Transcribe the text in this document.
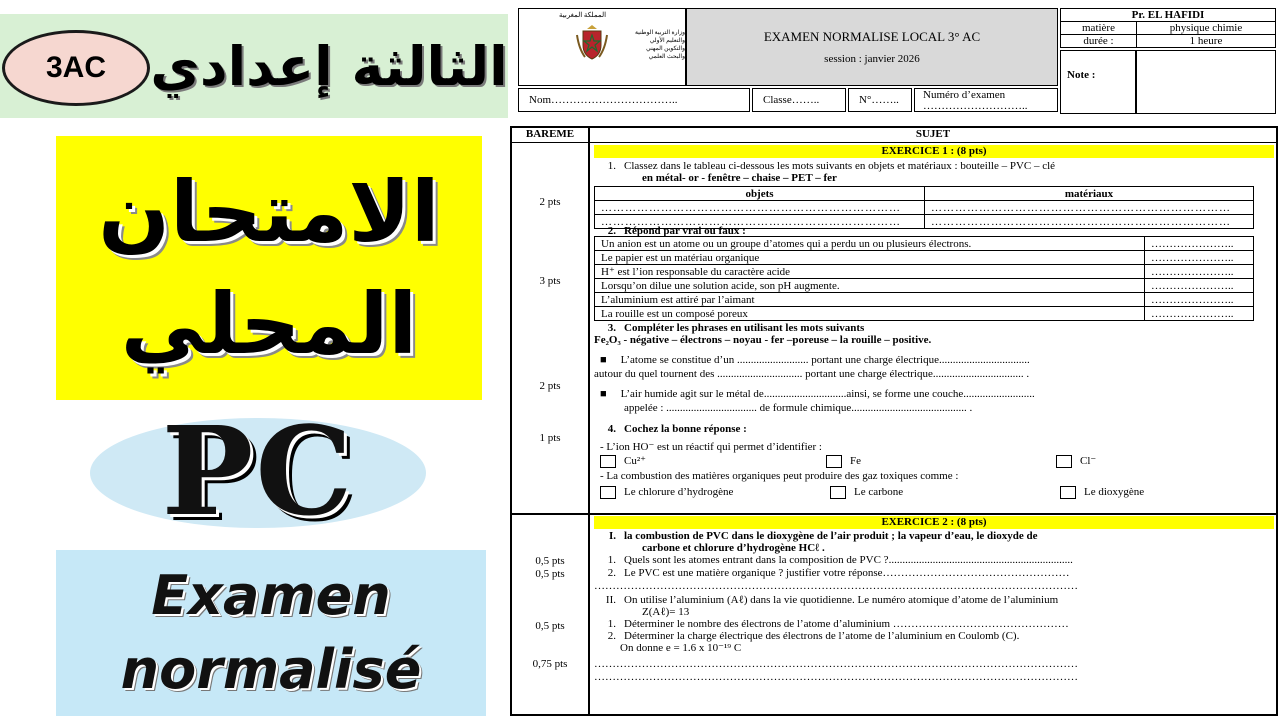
3AC الثالثة إعدادي
الامتحان
المحلي
PC
Examen
normalisé
المملكة المغربية
وزارة التربية الوطنية
والتعليم الأولي
والتكوين المهني
والبحث العلمي
EXAMEN NORMALISE LOCAL 3° AC
session : janvier 2026
Pr. EL HAFIDI	
matière	physique chimie
durée :	1 heure
Note :
Nom……………………………..	Classe……..	N°……..	Numéro d’examen
………………………..
BAREME	SUJET
EXERCICE 1 : (8 pts)
1. Classez dans le tableau ci-dessous les mots suivants en objets et matériaux : bouteille – PVC – clé
en métal- or - fenêtre – chaise – PET – fer
2 pts
objets	matériaux
…………………………………………………………………	…………………………………………………………………
…………………………………………………………………	…………………………………………………………………
2. Répond par vrai ou faux :
3 pts
Un anion est un atome ou un groupe d’atomes qui a perdu un ou plusieurs électrons.	…………………..
Le papier est un matériau organique	…………………..
H⁺ est l’ion responsable du caractère acide	…………………..
Lorsqu’on dilue une solution acide, son pH augmente.	…………………..
L’aluminium est attiré par l’aimant	…………………..
La rouille est un composé poreux	…………………..
3. Compléter les phrases en utilisant les mots suivants
Fe₂O₃ - négative – électrons – noyau - fer –poreuse – la rouille – positive.
2 pts
■ L’atome se constitue d’un .......................... portant une charge électrique.................................
autour du quel tournent des ............................... portant une charge électrique................................. .
■ L’air humide agit sur le métal de..............................ainsi, se forme une couche..........................
appelée : ................................. de formule chimique.......................................... .
4. Cochez la bonne réponse :
1 pts
- L’ion HO⁻ est un réactif qui permet d’identifier :
Cu²⁺	Fe	Cl⁻
- La combustion des matières organiques peut produire des gaz toxiques comme :
Le chlorure d’hydrogène	Le carbone	Le dioxygène
EXERCICE 2 : (8 pts)
I. la combustion de PVC dans le dioxygène de l’air produit ; la vapeur d’eau, le dioxyde de
carbone et chlorure d’hydrogène HCℓ .
1. Quels sont les atomes entrant dans la composition de PVC ?...................................................................
0,5 pts
2. Le PVC est une matière organique ? justifier votre réponse……………………………………………
0,5 pts
……………………………………………………………………………………………………………………
II. On utilise l’aluminium (Aℓ) dans la vie quotidienne. Le numéro atomique d’atome de l’aluminium
Z(Aℓ)= 13
1. Déterminer le nombre des électrons de l’atome d’aluminium …………………………………………
0,5 pts
2. Déterminer la charge électrique des électrons de l’atome de l’aluminium en Coulomb (C).
On donne e = 1.6 x 10⁻¹⁹ C
0,75 pts	……………………………………………………………………………………………………………………
……………………………………………………………………………………………………………………
